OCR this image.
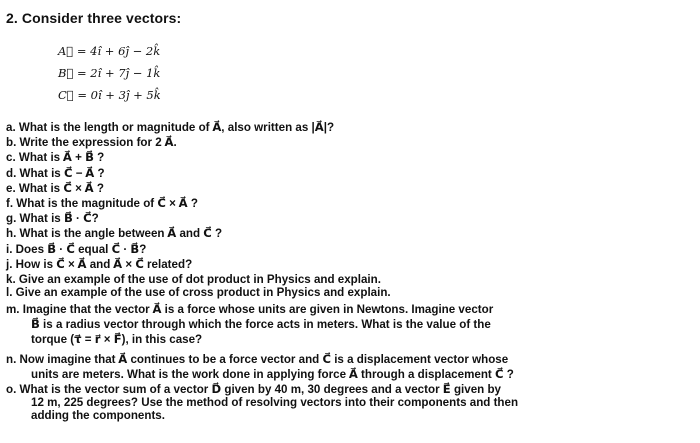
2. Consider three vectors:
A⃗ = 4î + 6ĵ − 2k̂
B⃗ = 2î + 7ĵ − 1k̂
C⃗ = 0î + 3ĵ + 5k̂
a. What is the length or magnitude of A⃗, also written as |A⃗|?
b. Write the expression for 2 A⃗.
c. What is A⃗ + B⃗ ?
d. What is C⃗ − A⃗ ?
e. What is C⃗ × A⃗ ?
f. What is the magnitude of C⃗ × A⃗ ?
g. What is B⃗ · C⃗?
h. What is the angle between A⃗ and C⃗ ?
i. Does B⃗ · C⃗ equal C⃗ · B⃗?
j. How is C⃗ × A⃗ and A⃗ × C⃗ related?
k. Give an example of the use of dot product in Physics and explain.
l. Give an example of the use of cross product in Physics and explain.
m. Imagine that the vector A⃗ is a force whose units are given in Newtons. Imagine vector
B⃗ is a radius vector through which the force acts in meters. What is the value of the
torque (τ⃗ = r⃗ × F⃗), in this case?
n. Now imagine that A⃗ continues to be a force vector and C⃗ is a displacement vector whose
units are meters. What is the work done in applying force A⃗ through a displacement C⃗ ?
o. What is the vector sum of a vector D⃗ given by 40 m, 30 degrees and a vector E⃗ given by
12 m, 225 degrees? Use the method of resolving vectors into their components and then
adding the components.
